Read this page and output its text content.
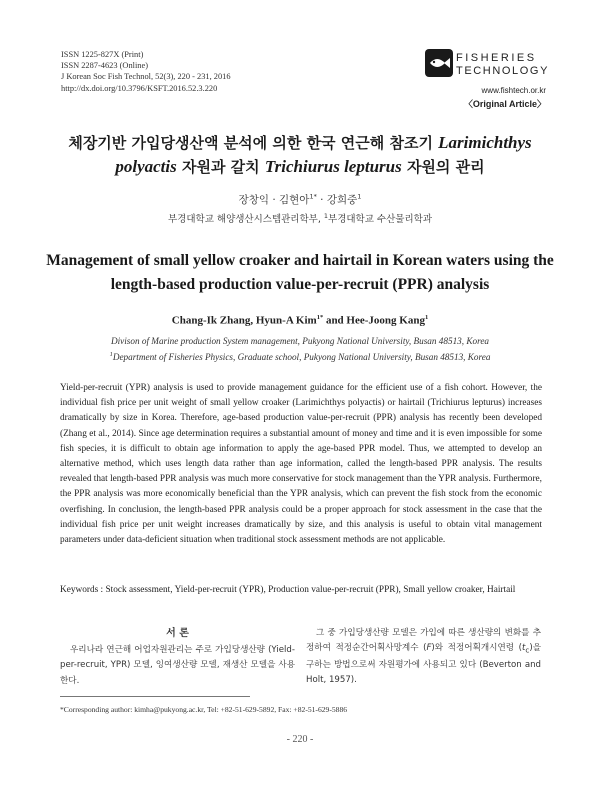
ISSN 1225-827X (Print)
ISSN 2287-4623 (Online)
J Korean Soc Fish Technol, 52(3), 220 - 231, 2016
http://dx.doi.org/10.3796/KSFT.2016.52.3.220
FISHERIES
TECHNOLOGY
www.fishtech.or.kr
〈Original Article〉
체장기반 가입당생산액 분석에 의한 한국 연근해 참조기 Larimichthys polyactis 자원과 갈치 Trichiurus lepturus 자원의 관리
장창익 · 김현아$^{1*}$ · 강희중$^1$
부경대학교 해양생산시스템관리학부, $^1$부경대학교 수산물리학과
Management of small yellow croaker and hairtail in Korean waters using the length-based production value-per-recruit (PPR) analysis
Chang-Ik Zhang, Hyun-A Kim$^{1*}$ and Hee-Joong Kang$^1$
Divison of Marine production System management, Pukyong National University, Busan 48513, Korea
$^1$Department of Fisheries Physics, Graduate school, Pukyong National University, Busan 48513, Korea
Yield-per-recruit (YPR) analysis is used to provide management guidance for the efficient use of a fish cohort. However, the individual fish price per unit weight of small yellow croaker (Larimichthys polyactis) or hairtail (Trichiurus lepturus) increases dramatically by size in Korea. Therefore, age-based production value-per-recruit (PPR) analysis has recently been developed (Zhang et al., 2014). Since age determination requires a substantial amount of money and time and it is even impossible for some fish species, it is difficult to obtain age information to apply the age-based PPR model. Thus, we attempted to develop an alternative method, which uses length data rather than age information, called the length-based PPR analysis. The results revealed that length-based PPR analysis was much more conservative for stock management than the YPR analysis. Furthermore, the PPR analysis was more economically beneficial than the YPR analysis, which can prevent the fish stock from the economic overfishing. In conclusion, the length-based PPR analysis could be a proper approach for stock assessment in the case that the individual fish price per unit weight increases dramatically by size, and this analysis is useful to obtain vital management parameters under data-deficient situation when traditional stock assessment methods are not applicable.
Keywords : Stock assessment, Yield-per-recruit (YPR), Production value-per-recruit (PPR), Small yellow croaker, Hairtail
서 론

우리나라 연근해 어업자원관리는 주로 가입당생산량 (Yield-per-recruit, YPR) 모델, 잉여생산량 모델, 재생산 모델을 사용한다.

그 중 가입당생산량 모델은 가입에 따른 생산량의 변화를 추정하여 적정순간어획사망계수 (F)와 적정어획개시연령 $(t_c)$을 구하는 방법으로써 자원평가에 사용되고 있다 (Beverton and Holt, 1957).

*Corresponding author: kimha@pukyong.ac.kr, Tel: +82-51-629-5892, Fax: +82-51-629-5886
- 220 -
